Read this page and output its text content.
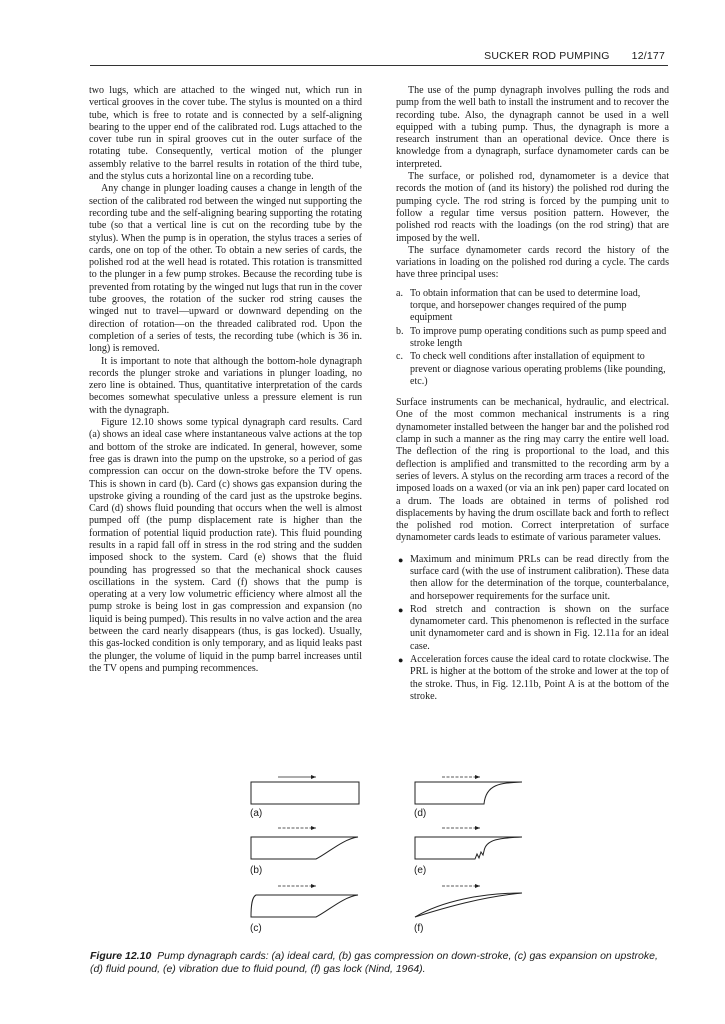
SUCKER ROD PUMPING 12/177

two lugs, which are attached to the winged nut, which run in vertical grooves in the cover tube. The stylus is mounted on a third tube, which is free to rotate and is connected by a self-aligning bearing to the upper end of the calibrated rod. Lugs attached to the cover tube run in spiral grooves cut in the outer surface of the rotating tube. Consequently, vertical motion of the plunger assembly relative to the barrel results in rotation of the third tube, and the stylus cuts a horizontal line on a recording tube.

Any change in plunger loading causes a change in length of the section of the calibrated rod between the winged nut supporting the recording tube and the self-aligning bearing supporting the rotating tube (so that a vertical line is cut on the recording tube by the stylus). When the pump is in operation, the stylus traces a series of cards, one on top of the other. To obtain a new series of cards, the polished rod at the well head is rotated. This rotation is transmitted to the plunger in a few pump strokes. Because the recording tube is prevented from rotating by the winged nut lugs that run in the cover tube grooves, the rotation of the sucker rod string causes the winged nut to travel—upward or downward depending on the direction of rotation—on the threaded calibrated rod. Upon the completion of a series of tests, the recording tube (which is 36 in. long) is removed.

It is important to note that although the bottom-hole dynagraph records the plunger stroke and variations in plunger loading, no zero line is obtained. Thus, quantitative interpretation of the cards becomes somewhat speculative unless a pressure element is run with the dynagraph.

Figure 12.10 shows some typical dynagraph card results. Card (a) shows an ideal case where instantaneous valve actions at the top and bottom of the stroke are indicated. In general, however, some free gas is drawn into the pump on the upstroke, so a period of gas compression can occur on the down-stroke before the TV opens. This is shown in card (b). Card (c) shows gas expansion during the upstroke giving a rounding of the card just as the upstroke begins. Card (d) shows fluid pounding that occurs when the well is almost pumped off (the pump displacement rate is higher than the formation of potential liquid production rate). This fluid pounding results in a rapid fall off in stress in the rod string and the sudden imposed shock to the system. Card (e) shows that the fluid pounding has progressed so that the mechanical shock causes oscillations in the system. Card (f) shows that the pump is operating at a very low volumetric efficiency where almost all the pump stroke is being lost in gas compression and expansion (no liquid is being pumped). This results in no valve action and the area between the card nearly disappears (thus, is gas locked). Usually, this gas-locked condition is only temporary, and as liquid leaks past the plunger, the volume of liquid in the pump barrel increases until the TV opens and pumping recommences.

The use of the pump dynagraph involves pulling the rods and pump from the well bath to install the instrument and to recover the recording tube. Also, the dynagraph cannot be used in a well equipped with a tubing pump. Thus, the dynagraph is more a research instrument than an operational device. Once there is knowledge from a dynagraph, surface dynamometer cards can be interpreted.

The surface, or polished rod, dynamometer is a device that records the motion of (and its history) the polished rod during the pumping cycle. The rod string is forced by the pumping unit to follow a regular time versus position pattern. However, the polished rod reacts with the loadings (on the rod string) that are imposed by the well.

The surface dynamometer cards record the history of the variations in loading on the polished rod during a cycle. The cards have three principal uses:

a. To obtain information that can be used to determine load, torque, and horsepower changes required of the pump equipment
b. To improve pump operating conditions such as pump speed and stroke length
c. To check well conditions after installation of equipment to prevent or diagnose various operating problems (like pounding, etc.)

Surface instruments can be mechanical, hydraulic, and electrical. One of the most common mechanical instruments is a ring dynamometer installed between the hanger bar and the polished rod clamp in such a manner as the ring may carry the entire well load. The deflection of the ring is proportional to the load, and this deflection is amplified and transmitted to the recording arm by a series of levers. A stylus on the recording arm traces a record of the imposed loads on a waxed (or via an ink pen) paper card located on a drum. The loads are obtained in terms of polished rod displacements by having the drum oscillate back and forth to reflect the polished rod motion. Correct interpretation of surface dynamometer cards leads to estimate of various parameter values.

● Maximum and minimum PRLs can be read directly from the surface card (with the use of instrument calibration). These data then allow for the determination of the torque, counterbalance, and horsepower requirements for the surface unit.
● Rod stretch and contraction is shown on the surface dynamometer card. This phenomenon is reflected in the surface unit dynamometer card and is shown in Fig. 12.11a for an ideal case.
● Acceleration forces cause the ideal card to rotate clockwise. The PRL is higher at the bottom of the stroke and lower at the top of the stroke. Thus, in Fig. 12.11b, Point A is at the bottom of the stroke.
(a)
(b)
(c)
(d)
(e)
(f)
Figure 12.10 Pump dynagraph cards: (a) ideal card, (b) gas compression on down-stroke, (c) gas expansion on upstroke, (d) fluid pound, (e) vibration due to fluid pound, (f) gas lock (Nind, 1964).
